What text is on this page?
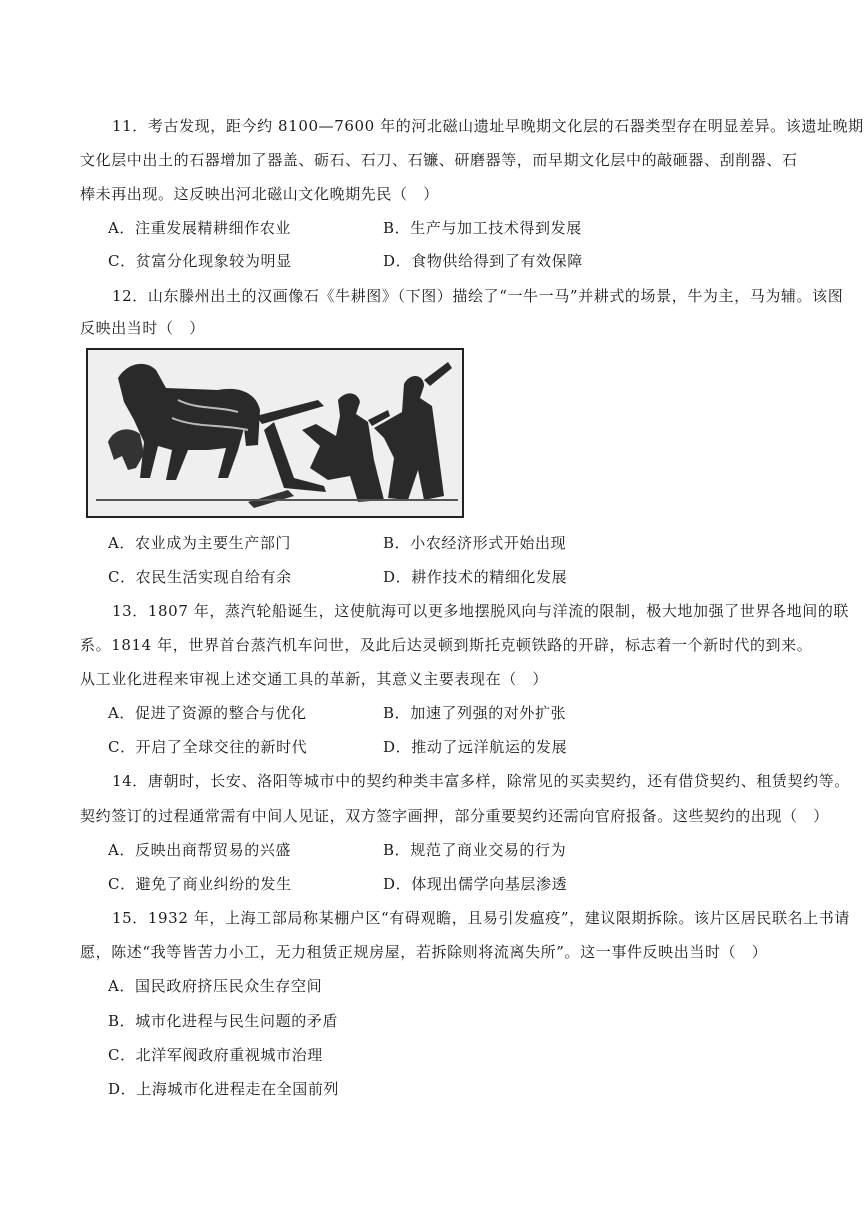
11．考古发现，距今约 8100—7600 年的河北磁山遗址早晚期文化层的石器类型存在明显差异。该遗址晚期
文化层中出土的石器增加了器盖、砺石、石刀、石镰、研磨器等，而早期文化层中的敲砸器、刮削器、石
棒未再出现。这反映出河北磁山文化晚期先民（　）
A．注重发展精耕细作农业	B．生产与加工技术得到发展
C．贫富分化现象较为明显	D．食物供给得到了有效保障
12．山东滕州出土的汉画像石《牛耕图》（下图）描绘了“一牛一马”并耕式的场景，牛为主，马为辅。该图
反映出当时（　）
A．农业成为主要生产部门	B．小农经济形式开始出现
C．农民生活实现自给有余	D．耕作技术的精细化发展
13．1807 年，蒸汽轮船诞生，这使航海可以更多地摆脱风向与洋流的限制，极大地加强了世界各地间的联
系。1814 年，世界首台蒸汽机车问世，及此后达灵顿到斯托克顿铁路的开辟，标志着一个新时代的到来。
从工业化进程来审视上述交通工具的革新，其意义主要表现在（　）
A．促进了资源的整合与优化	B．加速了列强的对外扩张
C．开启了全球交往的新时代	D．推动了远洋航运的发展
14．唐朝时，长安、洛阳等城市中的契约种类丰富多样，除常见的买卖契约，还有借贷契约、租赁契约等。
契约签订的过程通常需有中间人见证，双方签字画押，部分重要契约还需向官府报备。这些契约的出现（　）
A．反映出商帮贸易的兴盛	B．规范了商业交易的行为
C．避免了商业纠纷的发生	D．体现出儒学向基层渗透
15．1932 年，上海工部局称某棚户区“有碍观瞻，且易引发瘟疫”，建议限期拆除。该片区居民联名上书请
愿，陈述“我等皆苦力小工，无力租赁正规房屋，若拆除则将流离失所”。这一事件反映出当时（　）
A．国民政府挤压民众生存空间
B．城市化进程与民生问题的矛盾
C．北洋军阀政府重视城市治理
D．上海城市化进程走在全国前列
